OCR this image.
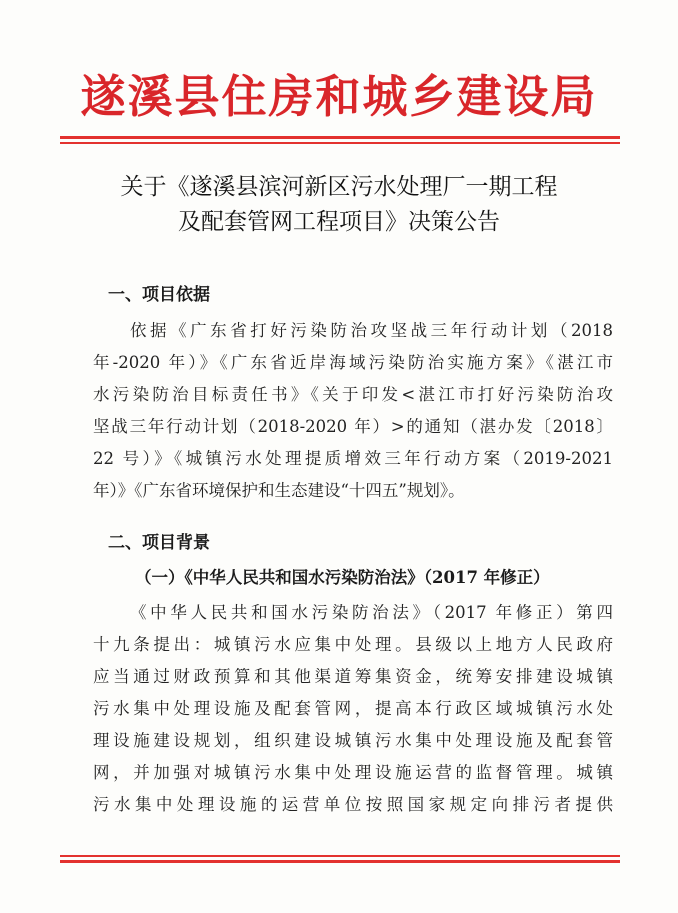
遂溪县住房和城乡建设局
关于《遂溪县滨河新区污水处理厂一期工程
及配套管网工程项目》决策公告
一、项目依据
依据《广东省打好污染防治攻坚战三年行动计划（2018
年-2020 年）》《广东省近岸海域污染防治实施方案》《湛江市
水污染防治目标责任书》《关于印发<湛江市打好污染防治攻
坚战三年行动计划（2018-2020 年）>的通知（湛办发〔2018〕
22 号）》《城镇污水处理提质增效三年行动方案（2019-2021
年）》《广东省环境保护和生态建设“十四五”规划》。
二、项目背景
（一）《中华人民共和国水污染防治法》（2017 年修正）
《中华人民共和国水污染防治法》（2017 年修正）第四
十九条提出：城镇污水应集中处理。县级以上地方人民政府
应当通过财政预算和其他渠道筹集资金，统筹安排建设城镇
污水集中处理设施及配套管网，提高本行政区域城镇污水处
理设施建设规划，组织建设城镇污水集中处理设施及配套管
网，并加强对城镇污水集中处理设施运营的监督管理。城镇
污水集中处理设施的运营单位按照国家规定向排污者提供
